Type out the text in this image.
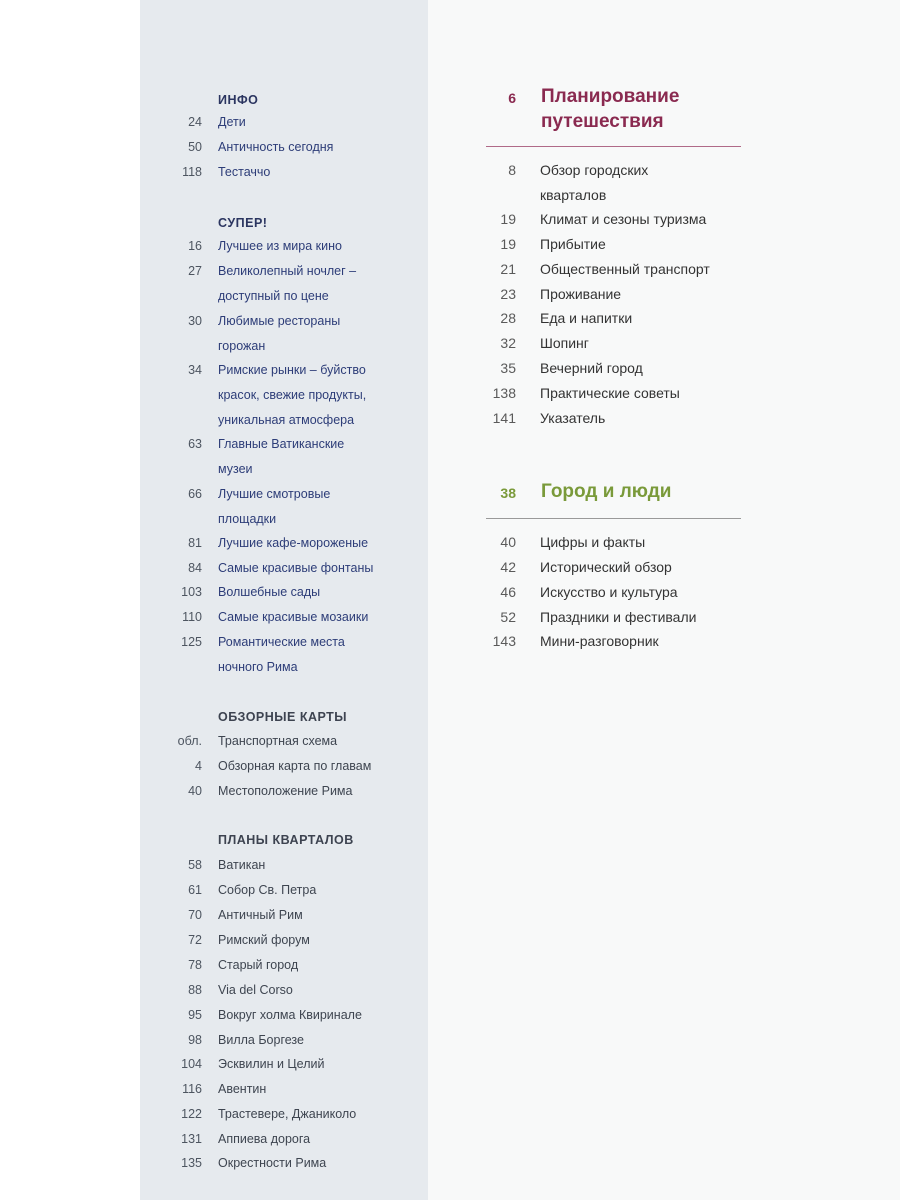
ИНФО
24 Дети
50 Античность сегодня
118 Тестаччо
СУПЕР!
16 Лучшее из мира кино
27 Великолепный ночлег –
доступный по цене
30 Любимые рестораны
горожан
34 Римские рынки – буйство
красок, свежие продукты,
уникальная атмосфера
63 Главные Ватиканские
музеи
66 Лучшие смотровые
площадки
81 Лучшие кафе-мороженые
84 Самые красивые фонтаны
103 Волшебные сады
110 Самые красивые мозаики
125 Романтические места
ночного Рима
ОБЗОРНЫЕ КАРТЫ
обл. Транспортная схема
4 Обзорная карта по главам
40 Местоположение Рима
ПЛАНЫ КВАРТАЛОВ
58 Ватикан
61 Собор Св. Петра
70 Античный Рим
72 Римский форум
78 Старый город
88 Via del Corso
95 Вокруг холма Квиринале
98 Вилла Боргезе
104 Эсквилин и Целий
116 Авентин
122 Трастевере, Джаниколо
131 Аппиева дорога
135 Окрестности Рима
6 Планирование
путешествия
8 Обзор городских
кварталов
19 Климат и сезоны туризма
19 Прибытие
21 Общественный транспорт
23 Проживание
28 Еда и напитки
32 Шопинг
35 Вечерний город
138 Практические советы
141 Указатель
38 Город и люди
40 Цифры и факты
42 Исторический обзор
46 Искусство и культура
52 Праздники и фестивали
143 Мини-разговорник
